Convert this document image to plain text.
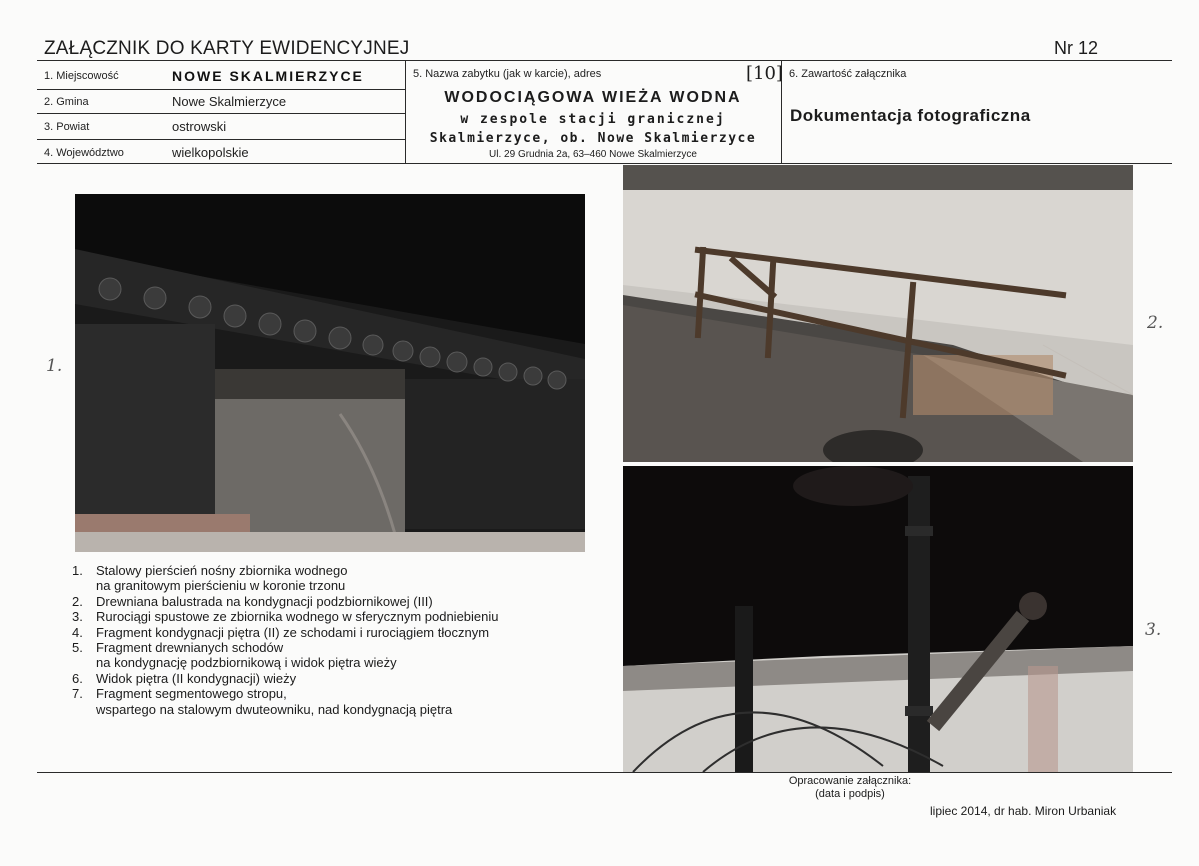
ZAŁĄCZNIK DO KARTY EWIDENCYJNEJ	Nr 12
1. Miejscowość	NOWE SKALMIERZYCE
2. Gmina	Nowe Skalmierzyce
3. Powiat	ostrowski
4. Województwo	wielkopolskie
5. Nazwa zabytku (jak w karcie), adres	[10]
WODOCIĄGOWA WIEŻA WODNA
w zespole stacji granicznej
Skalmierzyce, ob. Nowe Skalmierzyce
Ul. 29 Grudnia 2a, 63–460 Nowe Skalmierzyce
6. Zawartość załącznika
Dokumentacja fotograficzna
1.
2.
3.
1.	Stalowy pierścień nośny zbiornika wodnego
na granitowym pierścieniu w koronie trzonu
2.	Drewniana balustrada na kondygnacji podzbiornikowej (III)
3.	Rurociągi spustowe ze zbiornika wodnego w sferycznym podniebieniu
4.	Fragment kondygnacji piętra (II) ze schodami i rurociągiem tłocznym
5.	Fragment drewnianych schodów
na kondygnację podzbiornikową i widok piętra wieży
6.	Widok piętra (II kondygnacji) wieży
7.	Fragment segmentowego stropu,
wspartego na stalowym dwuteowniku, nad kondygnacją piętra
Opracowanie załącznika:
(data i podpis)
lipiec 2014, dr hab. Miron Urbaniak
